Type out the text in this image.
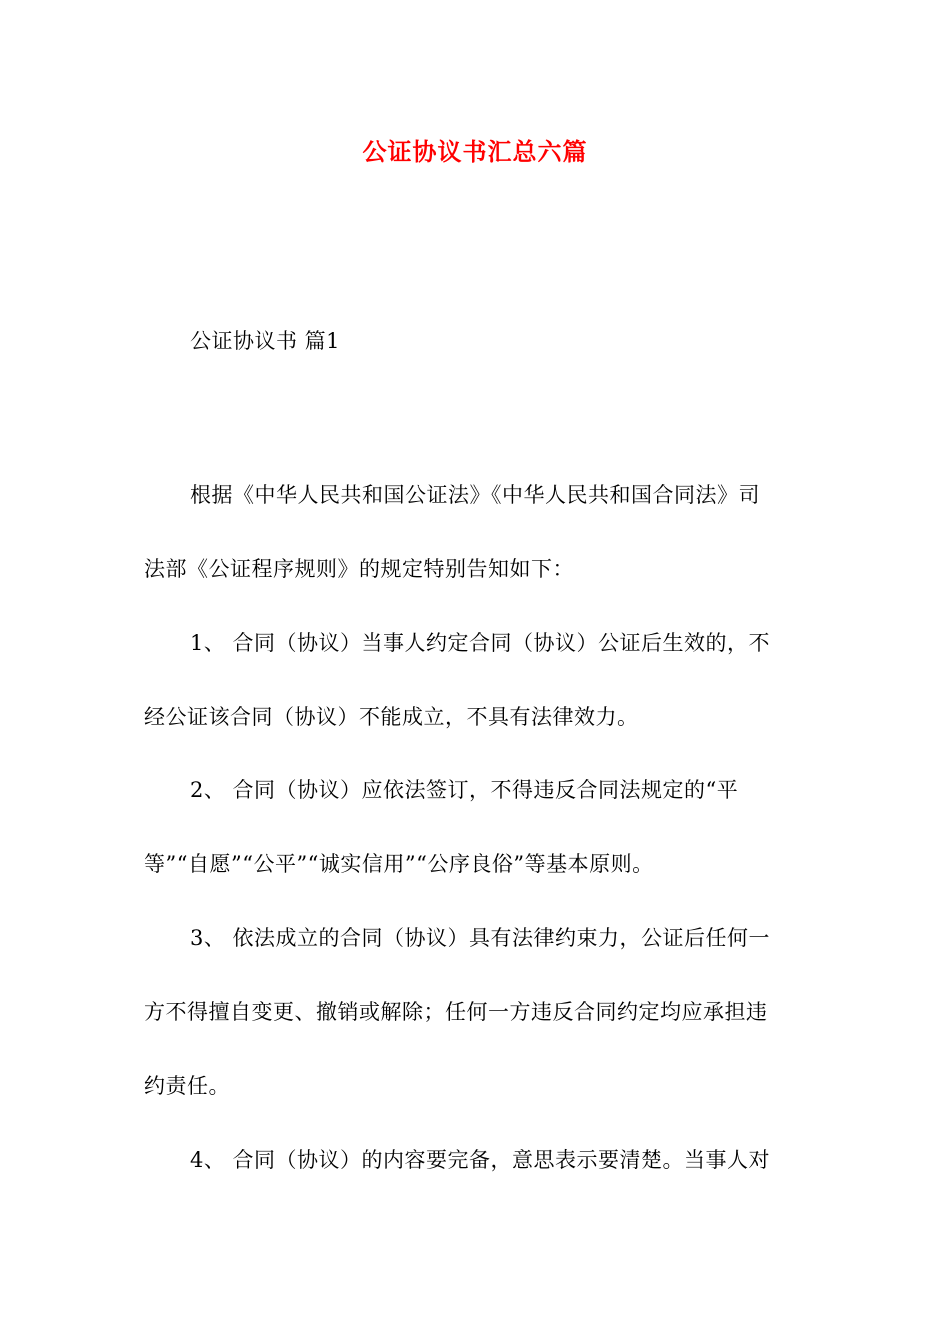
公证协议书汇总六篇
公证协议书 篇1
根据《中华人民共和国公证法》《中华人民共和国合同法》司
法部《公证程序规则》的规定特别告知如下：
1、 合同（协议）当事人约定合同（协议）公证后生效的，不
经公证该合同（协议）不能成立，不具有法律效力。
2、 合同（协议）应依法签订，不得违反合同法规定的“平
等”“自愿”“公平”“诚实信用”“公序良俗”等基本原则。
3、 依法成立的合同（协议）具有法律约束力，公证后任何一
方不得擅自变更、撤销或解除；任何一方违反合同约定均应承担违
约责任。
4、 合同（协议）的内容要完备，意思表示要清楚。当事人对
